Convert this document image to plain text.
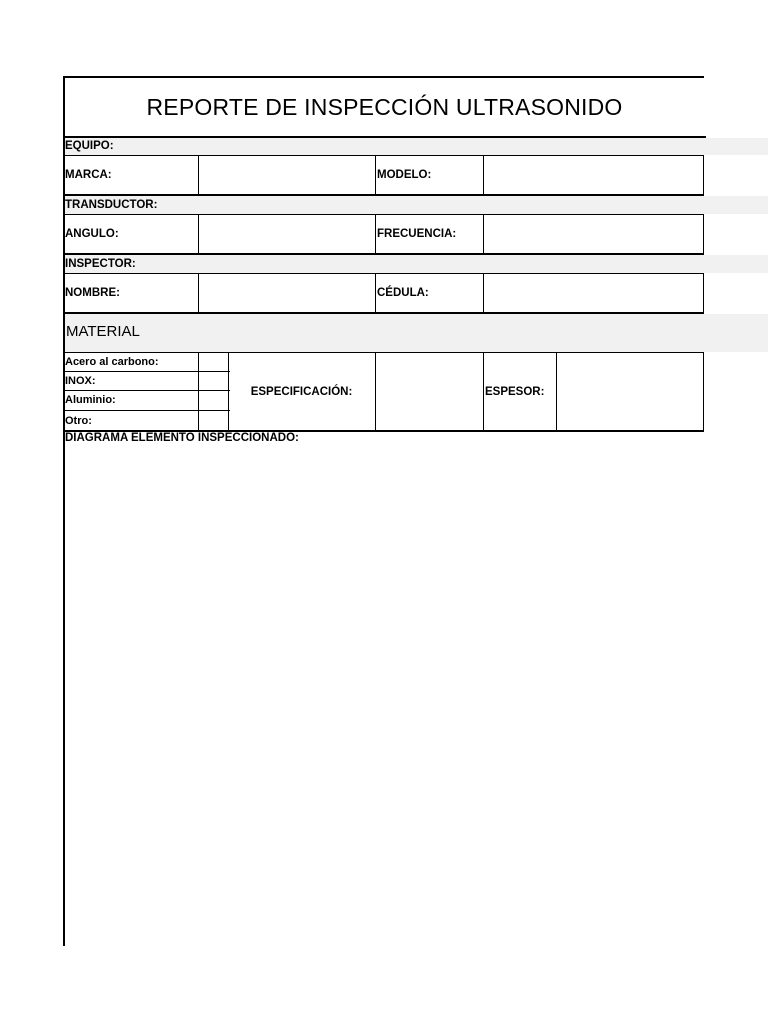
REPORTE DE INSPECCIÓN ULTRASONIDO
EQUIPO:
MARCA:	MODELO:
TRANSDUCTOR:
ANGULO:	FRECUENCIA:
INSPECTOR:
NOMBRE:	CÉDULA:
MATERIAL
Acero al carbono:
INOX:
Aluminio:
Otro:
ESPECIFICACIÓN:	ESPESOR:
DIAGRAMA ELEMENTO INSPECCIONADO:
